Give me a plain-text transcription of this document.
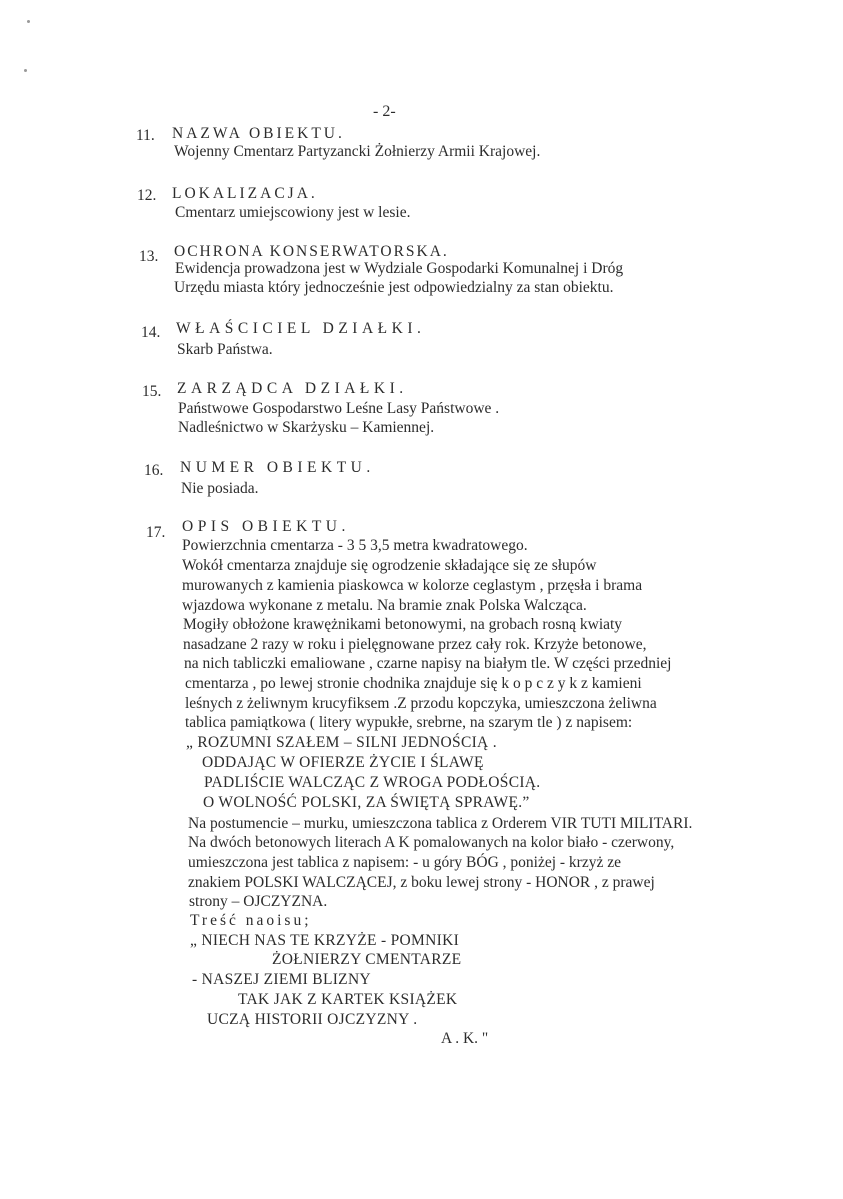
- 2-
11. NAZWA OBIEKTU.
Wojenny Cmentarz Partyzancki Żołnierzy Armii Krajowej.
12. LOKALIZACJA.
Cmentarz umiejscowiony jest w lesie.
13. OCHRONA KONSERWATORSKA.
Ewidencja prowadzona jest w Wydziale Gospodarki Komunalnej i Dróg
Urzędu miasta który jednocześnie jest odpowiedzialny za stan obiektu.
14. WŁAŚCICIEL DZIAŁKI.
Skarb Państwa.
15. ZARZĄDCA DZIAŁKI.
Państwowe Gospodarstwo Leśne Lasy Państwowe .
Nadleśnictwo w Skarżysku – Kamiennej.
16. NUMER OBIEKTU.
Nie posiada.
17. OPIS OBIEKTU.
Powierzchnia cmentarza - 3 5 3,5 metra kwadratowego.
Wokół cmentarza znajduje się ogrodzenie składające się ze słupów
murowanych z kamienia piaskowca w kolorze ceglastym , przęsła i brama
wjazdowa wykonane z metalu. Na bramie znak Polska Walcząca.
Mogiły obłożone krawężnikami betonowymi, na grobach rosną kwiaty
nasadzane 2 razy w roku i pielęgnowane przez cały rok. Krzyże betonowe,
na nich tabliczki emaliowane , czarne napisy na białym tle. W części przedniej
cmentarza , po lewej stronie chodnika znajduje się k o p c z y k z kamieni
leśnych z żeliwnym krucyfiksem .Z przodu kopczyka, umieszczona żeliwna
tablica pamiątkowa ( litery wypukłe, srebrne, na szarym tle ) z napisem:
„ ROZUMNI SZAŁEM – SILNI JEDNOŚCIĄ .
ODDAJĄC W OFIERZE ŻYCIE I ŚLAWĘ
PADLIŚCIE WALCZĄC Z WROGA PODŁOŚCIĄ.
O WOLNOŚĆ POLSKI, ZA ŚWIĘTĄ SPRAWĘ.”
Na postumencie – murku, umieszczona tablica z Orderem VIR TUTI MILITARI.
Na dwóch betonowych literach A K pomalowanych na kolor biało - czerwony,
umieszczona jest tablica z napisem: - u góry BÓG , poniżej - krzyż ze
znakiem POLSKI WALCZĄCEJ, z boku lewej strony - HONOR , z prawej
strony – OJCZYZNA.
Treść naoisu;
„ NIECH NAS TE KRZYŻE - POMNIKI
ŻOŁNIERZY CMENTARZE
- NASZEJ ZIEMI BLIZNY
TAK JAK Z KARTEK KSIĄŻEK
UCZĄ HISTORII OJCZYZNY .
A . K. "
